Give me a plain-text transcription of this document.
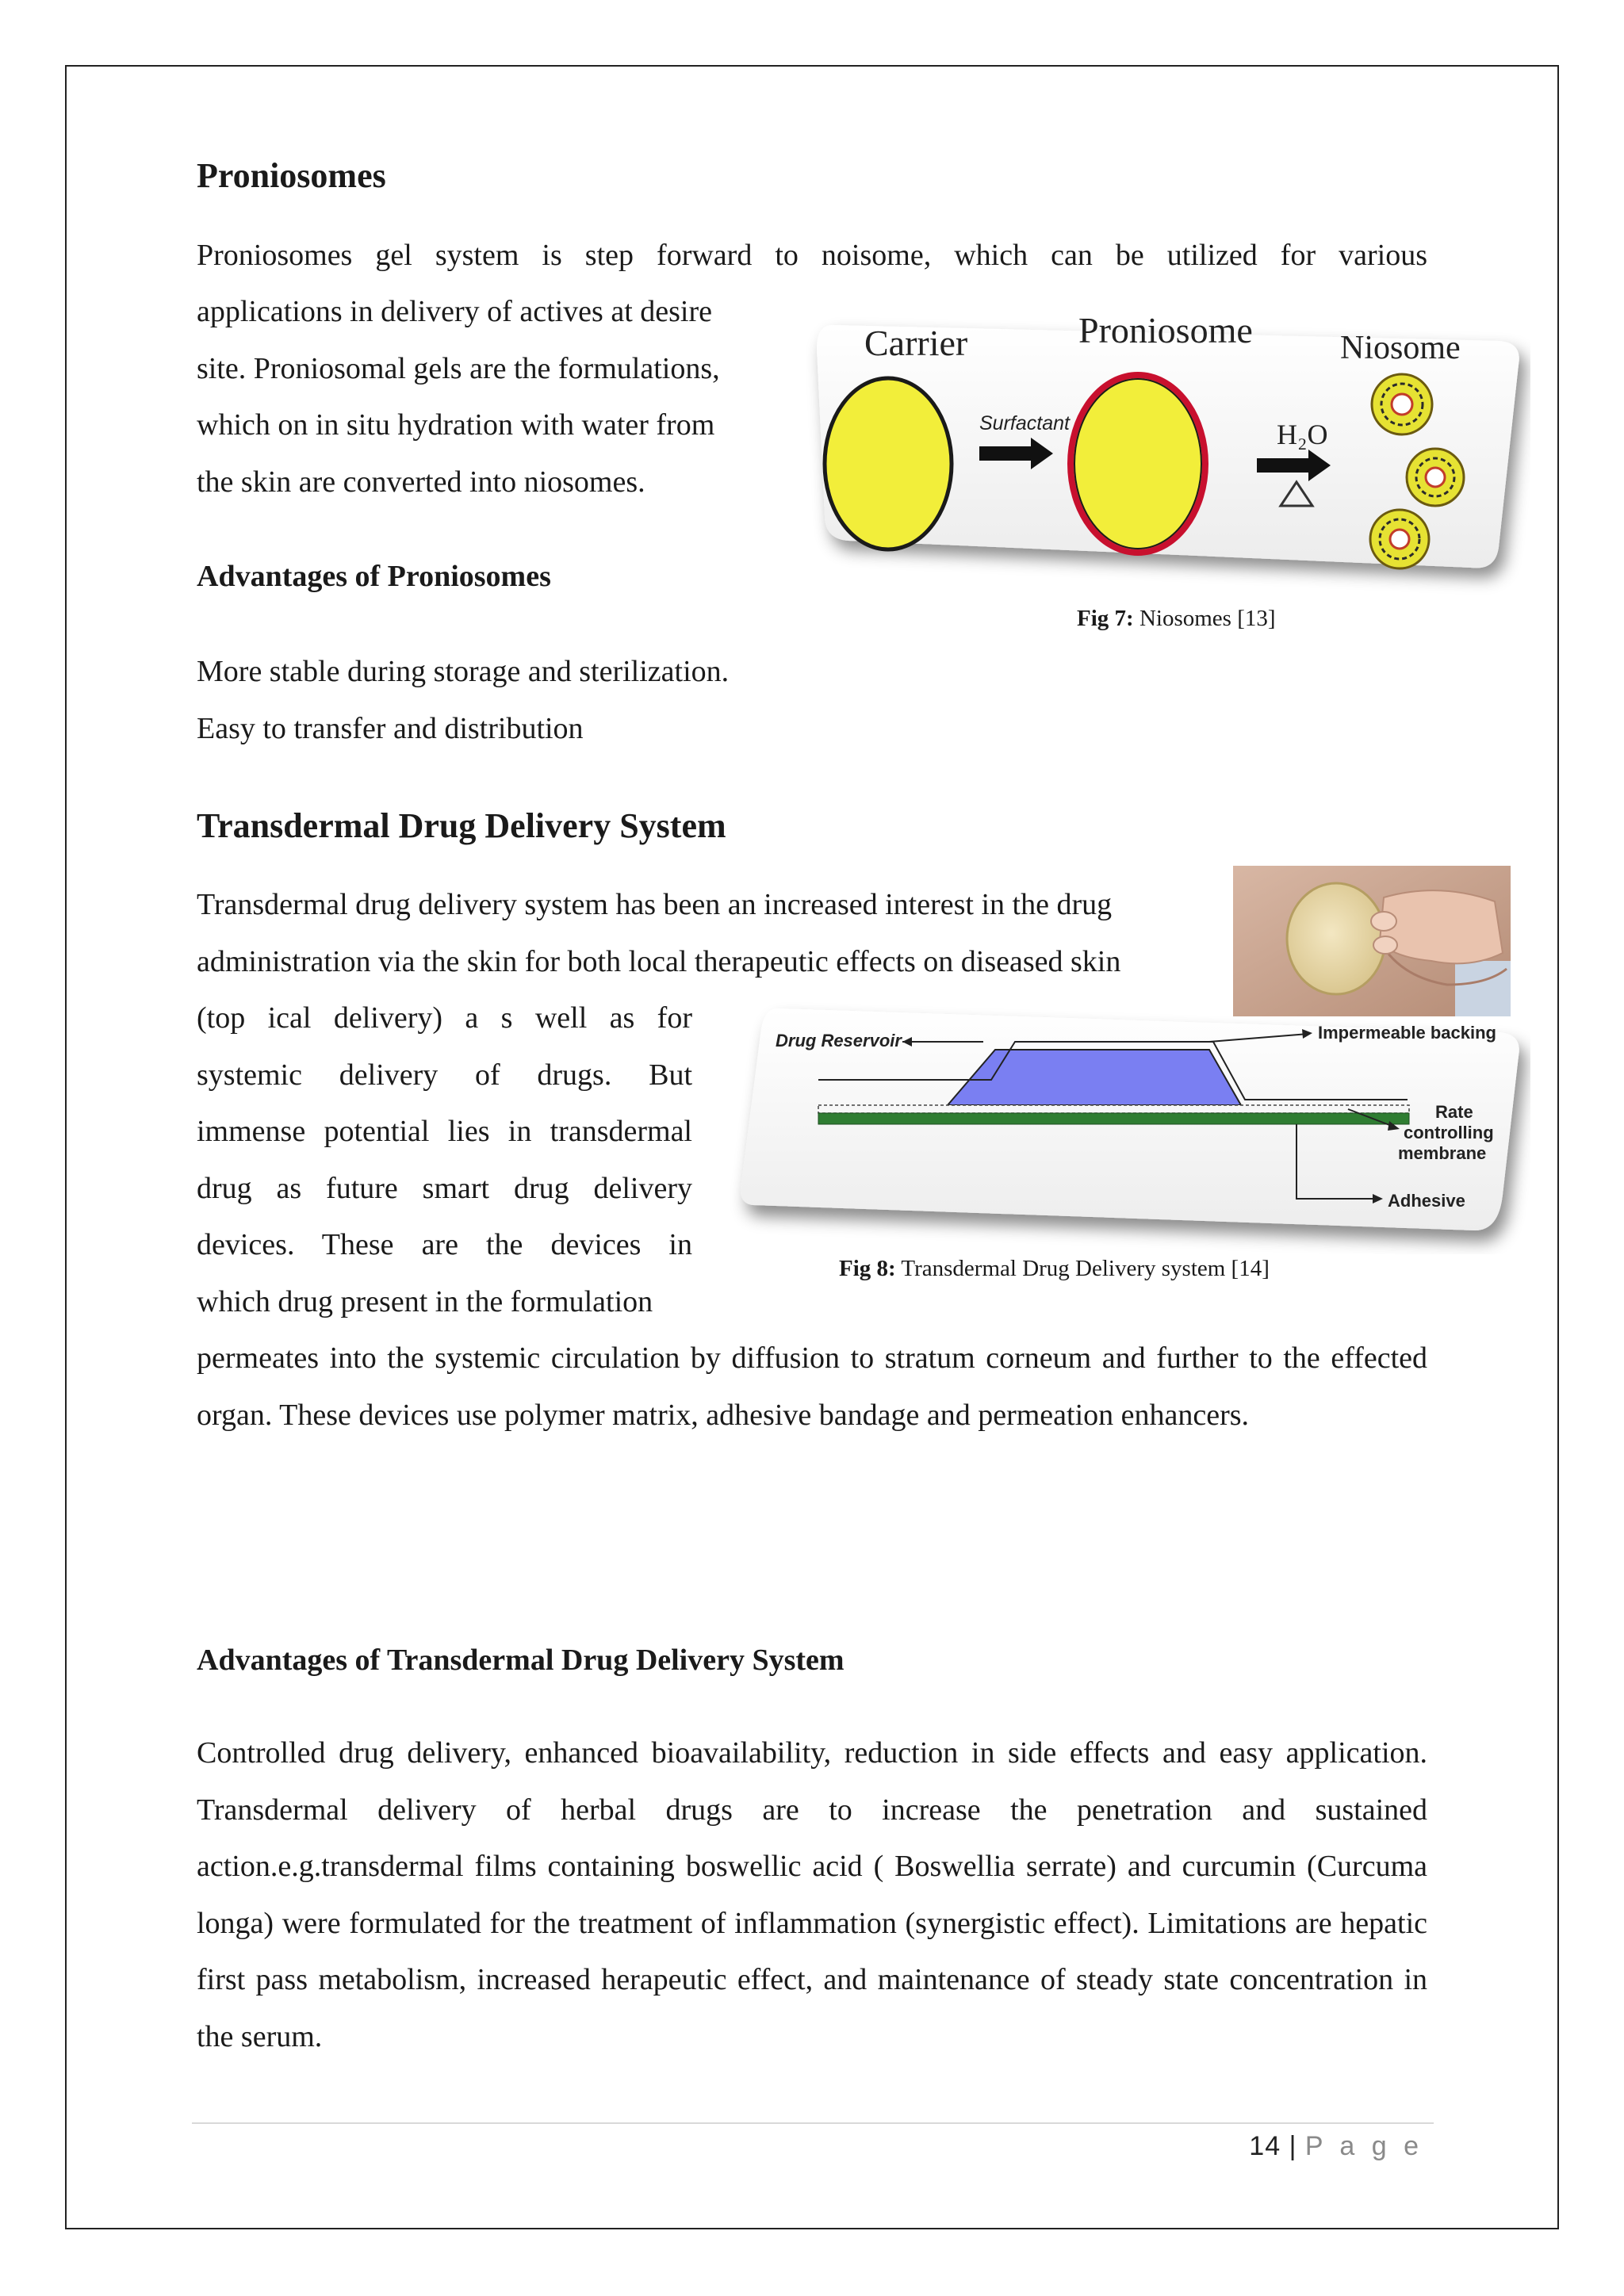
Proniosomes
Proniosomes gel system is step forward to noisome, which can be utilized for various
applications in delivery of actives at desire
site. Proniosomal gels are the formulations,
which on in situ hydration with water from
the skin are converted into niosomes.
Advantages of Proniosomes
More stable during storage and sterilization.
Easy to transfer and distribution
Carrier	Proniosome	Niosome
Surfactant	H₂O
Fig 7: Niosomes [13]
Transdermal Drug Delivery System
Transdermal drug delivery system has been an increased interest in the drug
administration via the skin for both local therapeutic effects on diseased skin
(top ical delivery) a s well as for
systemic delivery of drugs. But
immense potential lies in transdermal
drug as future smart drug delivery
devices. These are the devices in
which drug present in the formulation
permeates into the systemic circulation by diffusion to stratum corneum and further to the effected organ. These devices use polymer matrix, adhesive bandage and permeation enhancers.
Drug Reservoir	Impermeable backing
Rate
controlling
membrane
Adhesive
Fig 8: Transdermal Drug Delivery system [14]
Advantages of Transdermal Drug Delivery System
Controlled drug delivery, enhanced bioavailability, reduction in side effects and easy application. Transdermal delivery of herbal drugs are to increase the penetration and sustained action.e.g.transdermal films containing boswellic acid ( Boswellia serrate) and curcumin (Curcuma longa) were formulated for the treatment of inflammation (synergistic effect). Limitations are hepatic first pass metabolism, increased herapeutic effect, and maintenance of steady state concentration in the serum.
14 | P a g e
